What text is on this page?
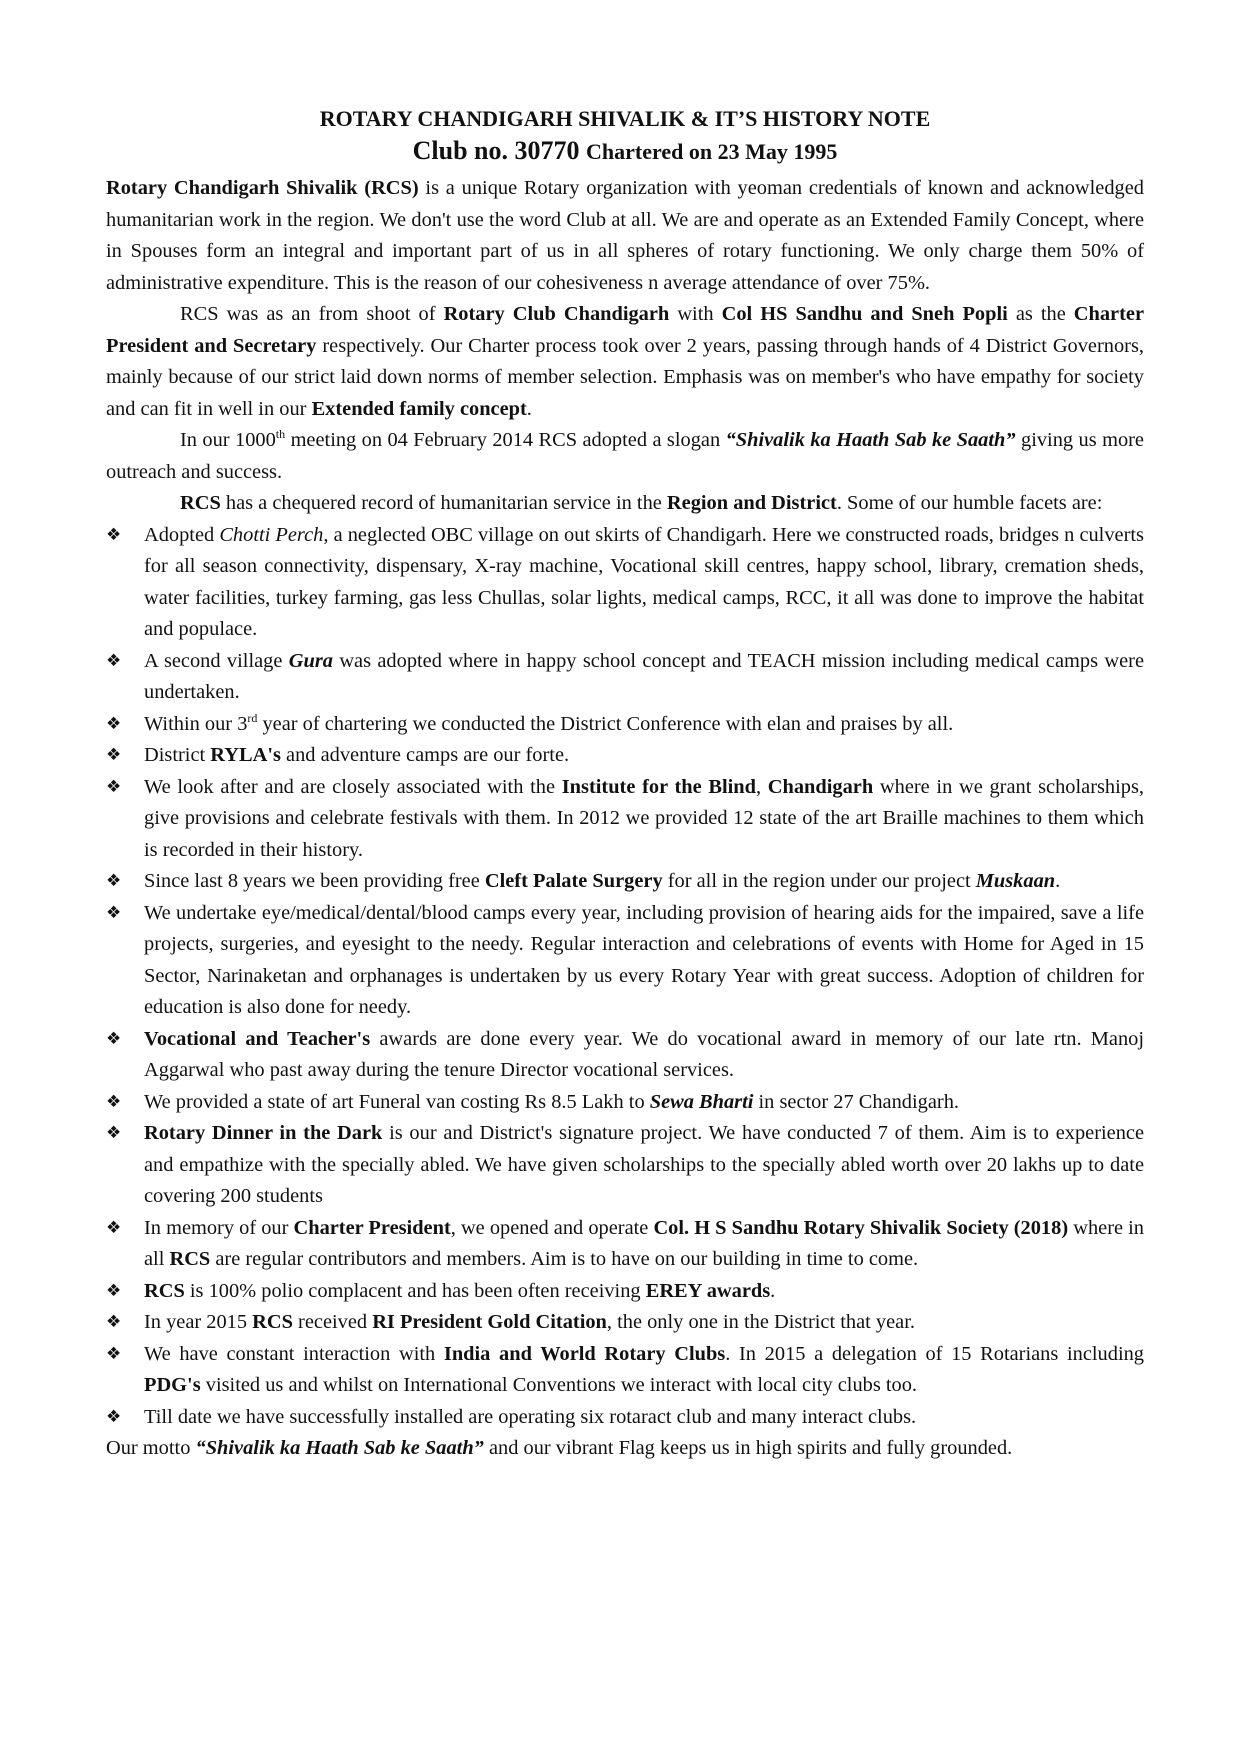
ROTARY CHANDIGARH SHIVALIK & IT’S HISTORY NOTE
Club no. 30770 Chartered on 23 May 1995

Rotary Chandigarh Shivalik (RCS) is a unique Rotary organization with yeoman credentials of known and acknowledged humanitarian work in the region. We don't use the word Club at all. We are and operate as an Extended Family Concept, where in Spouses form an integral and important part of us in all spheres of rotary functioning. We only charge them 50% of administrative expenditure. This is the reason of our cohesiveness n average attendance of over 75%.

RCS was as an from shoot of Rotary Club Chandigarh with Col HS Sandhu and Sneh Popli as the Charter President and Secretary respectively. Our Charter process took over 2 years, passing through hands of 4 District Governors, mainly because of our strict laid down norms of member selection. Emphasis was on member's who have empathy for society and can fit in well in our Extended family concept.

In our 1000th meeting on 04 February 2014 RCS adopted a slogan “Shivalik ka Haath Sab ke Saath” giving us more outreach and success.

RCS has a chequered record of humanitarian service in the Region and District. Some of our humble facets are:

❖ Adopted Chotti Perch, a neglected OBC village on out skirts of Chandigarh. Here we constructed roads, bridges n culverts for all season connectivity, dispensary, X-ray machine, Vocational skill centres, happy school, library, cremation sheds, water facilities, turkey farming, gas less Chullas, solar lights, medical camps, RCC, it all was done to improve the habitat and populace.
❖ A second village Gura was adopted where in happy school concept and TEACH mission including medical camps were undertaken.
❖ Within our 3rd year of chartering we conducted the District Conference with elan and praises by all.
❖ District RYLA's and adventure camps are our forte.
❖ We look after and are closely associated with the Institute for the Blind, Chandigarh where in we grant scholarships, give provisions and celebrate festivals with them. In 2012 we provided 12 state of the art Braille machines to them which is recorded in their history.
❖ Since last 8 years we been providing free Cleft Palate Surgery for all in the region under our project Muskaan.
❖ We undertake eye/medical/dental/blood camps every year, including provision of hearing aids for the impaired, save a life projects, surgeries, and eyesight to the needy. Regular interaction and celebrations of events with Home for Aged in 15 Sector, Narinaketan and orphanages is undertaken by us every Rotary Year with great success. Adoption of children for education is also done for needy.
❖ Vocational and Teacher's awards are done every year. We do vocational award in memory of our late rtn. Manoj Aggarwal who past away during the tenure Director vocational services.
❖ We provided a state of art Funeral van costing Rs 8.5 Lakh to Sewa Bharti in sector 27 Chandigarh.
❖ Rotary Dinner in the Dark is our and District's signature project. We have conducted 7 of them. Aim is to experience and empathize with the specially abled. We have given scholarships to the specially abled worth over 20 lakhs up to date covering 200 students
❖ In memory of our Charter President, we opened and operate Col. H S Sandhu Rotary Shivalik Society (2018) where in all RCS are regular contributors and members. Aim is to have on our building in time to come.
❖ RCS is 100% polio complacent and has been often receiving EREY awards.
❖ In year 2015 RCS received RI President Gold Citation, the only one in the District that year.
❖ We have constant interaction with India and World Rotary Clubs. In 2015 a delegation of 15 Rotarians including PDG's visited us and whilst on International Conventions we interact with local city clubs too.
❖ Till date we have successfully installed are operating six rotaract club and many interact clubs.

Our motto “Shivalik ka Haath Sab ke Saath” and our vibrant Flag keeps us in high spirits and fully grounded.
